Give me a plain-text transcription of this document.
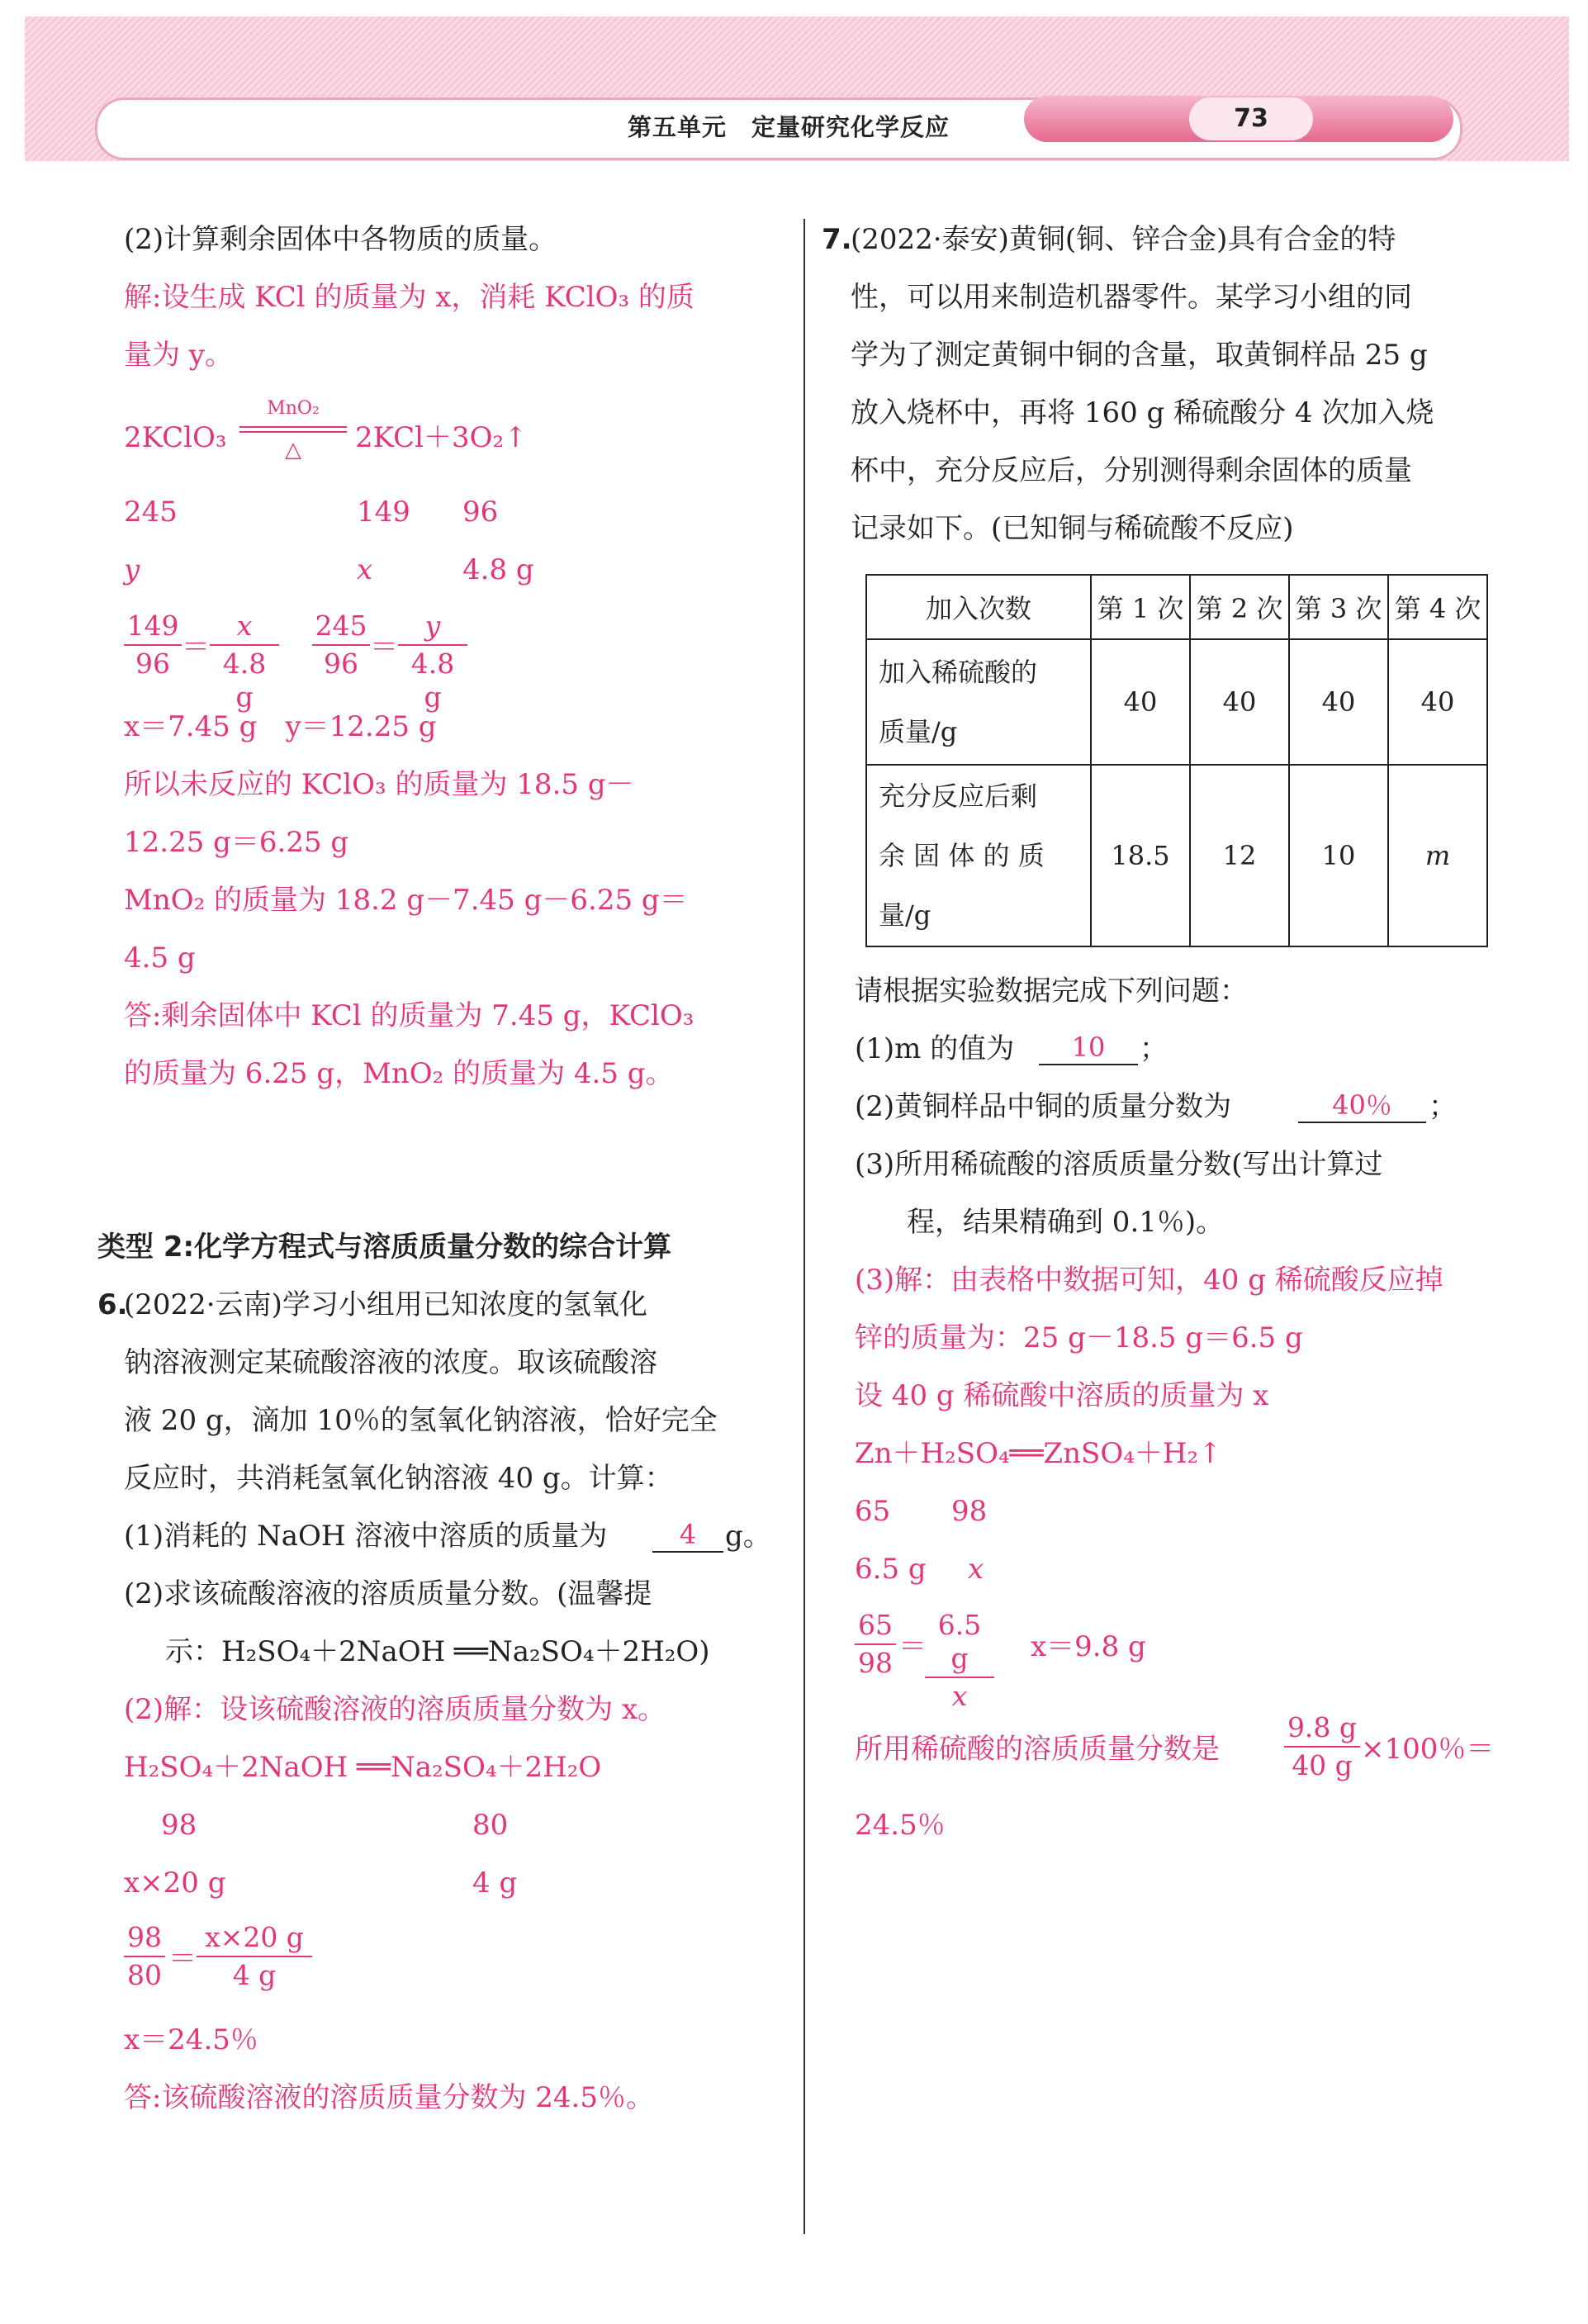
第五单元　定量研究化学反应	73
(2)计算剩余固体中各物质的质量。
解:设生成 KCl 的质量为 x，消耗 KClO₃ 的质
量为 y。
2KClO₃
MnO₂
△	2KCl＋3O₂↑
245	149 96
y	x	4.8 g
149
96 ＝
x
4.8 g
245
96 ＝
y
4.8 g
x＝7.45 g　y＝12.25 g
所以未反应的 KClO₃ 的质量为 18.5 g－
12.25 g＝6.25 g
MnO₂ 的质量为 18.2 g－7.45 g－6.25 g＝
4.5 g
答:剩余固体中 KCl 的质量为 7.45 g，KClO₃
的质量为 6.25 g，MnO₂ 的质量为 4.5 g。
类型 2:化学方程式与溶质质量分数的综合计算
6.
(2022·云南)学习小组用已知浓度的氢氧化
钠溶液测定某硫酸溶液的浓度。取该硫酸溶
液 20 g，滴加 10％的氢氧化钠溶液，恰好完全
反应时，共消耗氢氧化钠溶液 40 g。计算：
(1)消耗的 NaOH 溶液中溶质的质量为	4	g。
(2)求该硫酸溶液的溶质质量分数。(温馨提
示：H₂SO₄＋2NaOH ══Na₂SO₄＋2H₂O)
(2)解：设该硫酸溶液的溶质质量分数为 x。
H₂SO₄＋2NaOH ══Na₂SO₄＋2H₂O
98	80
x×20 g	4 g
98
80 ＝
x×20 g
4 g
x＝24.5％
答:该硫酸溶液的溶质质量分数为 24.5％。
7.
(2022·泰安)黄铜(铜、锌合金)具有合金的特
性，可以用来制造机器零件。某学习小组的同
学为了测定黄铜中铜的含量，取黄铜样品 25 g
放入烧杯中，再将 160 g 稀硫酸分 4 次加入烧
杯中，充分反应后，分别测得剩余固体的质量
记录如下。(已知铜与稀硫酸不反应)
加入次数	第 1 次	第 2 次	第 3 次	第 4 次

加入稀硫酸的
质量/g	40	40	40	40

充分反应后剩
余 固 体 的 质
量/g	18.5	12	10	m
请根据实验数据完成下列问题：
(1)m 的值为	10	；
(2)黄铜样品中铜的质量分数为	40％	；
(3)所用稀硫酸的溶质质量分数(写出计算过
程，结果精确到 0.1％)。
(3)解：由表格中数据可知，40 g 稀硫酸反应掉
锌的质量为：25 g－18.5 g＝6.5 g
设 40 g 稀硫酸中溶质的质量为 x
Zn＋H₂SO₄══ZnSO₄＋H₂↑
65 98
6.5 g x
65
98 ＝
6.5 g
x
x＝9.8 g
所用稀硫酸的溶质质量分数是
9.8 g
40 g ×100％＝
24.5％
